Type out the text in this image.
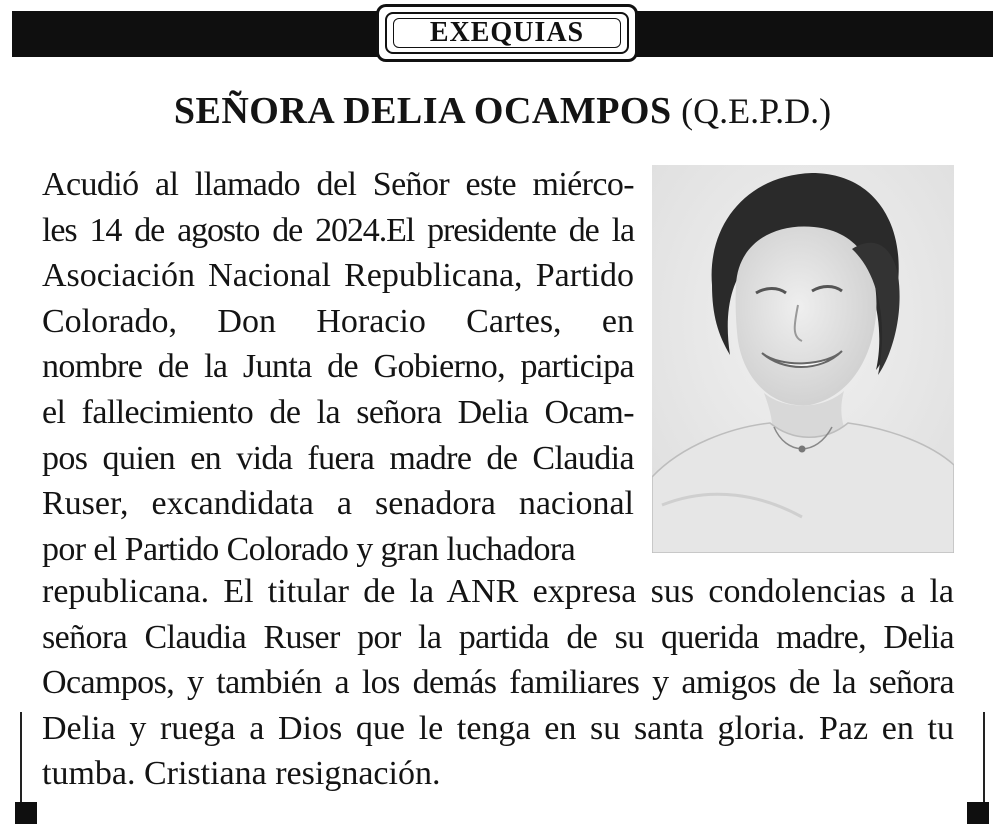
EXEQUIAS
SEÑORA DELIA OCAMPOS (Q.E.P.D.)
Acudió al llamado del Señor este miérco-
les 14 de agosto de 2024.El presidente de la
Asociación Nacional Republicana, Partido
Colorado, Don Horacio Cartes, en
nombre de la Junta de Gobierno, participa
el fallecimiento de la señora Delia Ocam-
pos quien en vida fuera madre de Claudia
Ruser, excandidata a senadora nacional
por el Partido Colorado y gran luchadora
republicana. El titular de la ANR expresa sus condolencias a la
señora Claudia Ruser por la partida de su querida madre, Delia
Ocampos, y también a los demás familiares y amigos de la señora
Delia y ruega a Dios que le tenga en su santa gloria. Paz en tu
tumba. Cristiana resignación.
